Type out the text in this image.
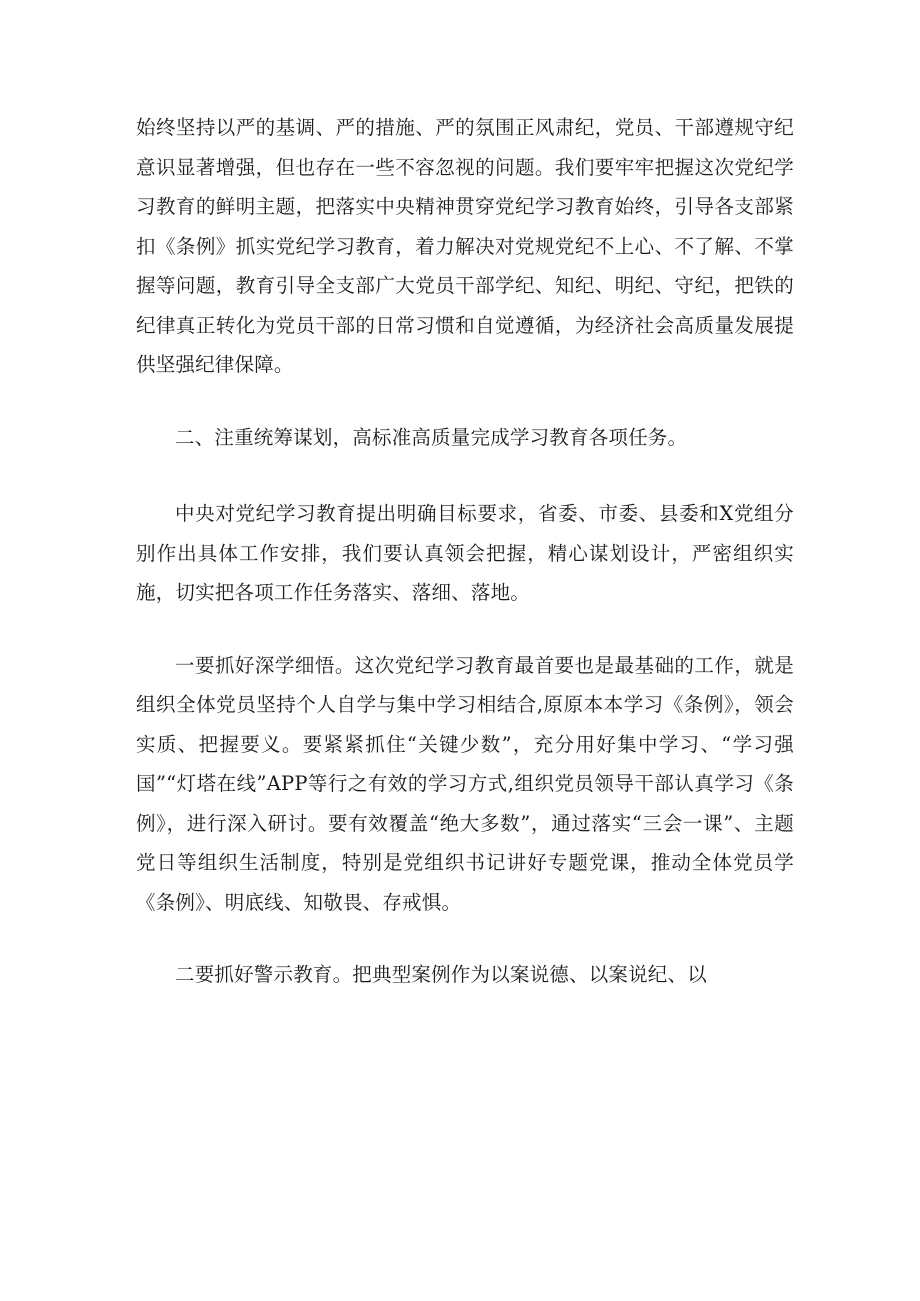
始终坚持以严的基调、严的措施、严的氛围正风肃纪，党员、干部遵规守纪意识显著增强，但也存在一些不容忽视的问题。我们要牢牢把握这次党纪学习教育的鲜明主题，把落实中央精神贯穿党纪学习教育始终，引导各支部紧扣《条例》抓实党纪学习教育，着力解决对党规党纪不上心、不了解、不掌握等问题，教育引导全支部广大党员干部学纪、知纪、明纪、守纪，把铁的纪律真正转化为党员干部的日常习惯和自觉遵循，为经济社会高质量发展提供坚强纪律保障。

二、注重统筹谋划，高标准高质量完成学习教育各项任务。

中央对党纪学习教育提出明确目标要求，省委、市委、县委和X党组分别作出具体工作安排，我们要认真领会把握，精心谋划设计，严密组织实施，切实把各项工作任务落实、落细、落地。

一要抓好深学细悟。这次党纪学习教育最首要也是最基础的工作，就是组织全体党员坚持个人自学与集中学习相结合,原原本本学习《条例》，领会实质、把握要义。要紧紧抓住“关键少数”，充分用好集中学习、“学习强国”“灯塔在线”APP等行之有效的学习方式,组织党员领导干部认真学习《条例》，进行深入研讨。要有效覆盖“绝大多数”，通过落实“三会一课”、主题党日等组织生活制度，特别是党组织书记讲好专题党课，推动全体党员学《条例》、明底线、知敬畏、存戒惧。

二要抓好警示教育。把典型案例作为以案说德、以案说纪、以
